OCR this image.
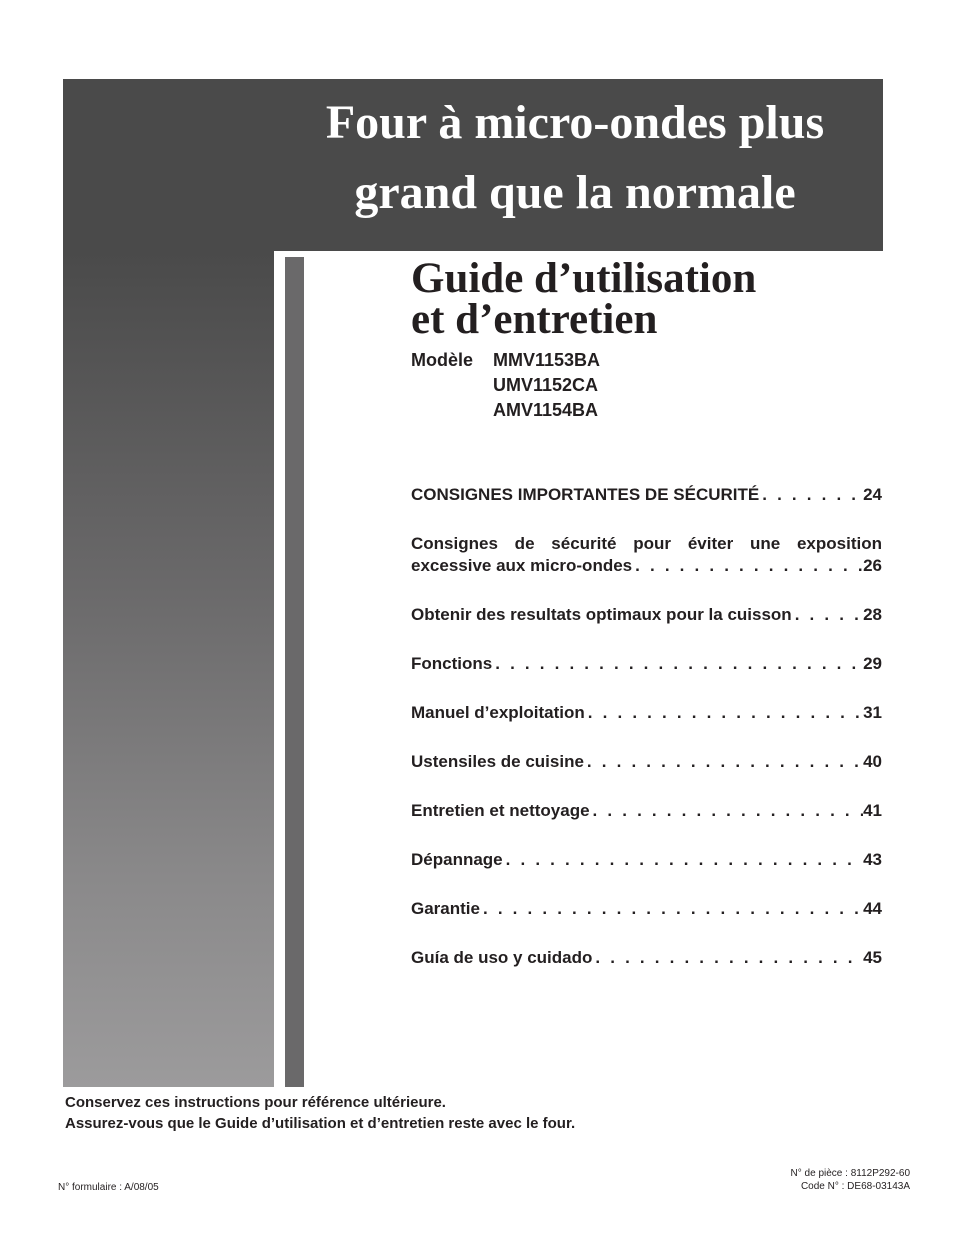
Four à micro-ondes plus
grand que la normale
Guide d’utilisation
et d’entretien
Modèle	MMV1153BA
UMV1152CA
AMV1154BA
CONSIGNES IMPORTANTES DE SÉCURITÉ . . .	24
Consignes de sécurité pour éviter une exposition
excessive aux micro-ondes . . .	26
Obtenir des resultats optimaux pour la cuisson . . .	28
Fonctions . . .	29
Manuel d’exploitation . . .	31
Ustensiles de cuisine . . .	40
Entretien et nettoyage . . .	41
Dépannage . . .	43
Garantie . . .	44
Guía de uso y cuidado . . .	45
Conservez ces instructions pour référence ultérieure.
Assurez-vous que le Guide d’utilisation et d’entretien reste avec le four.
N° formulaire : A/08/05
N° de pièce : 8112P292-60
Code N° : DE68-03143A
